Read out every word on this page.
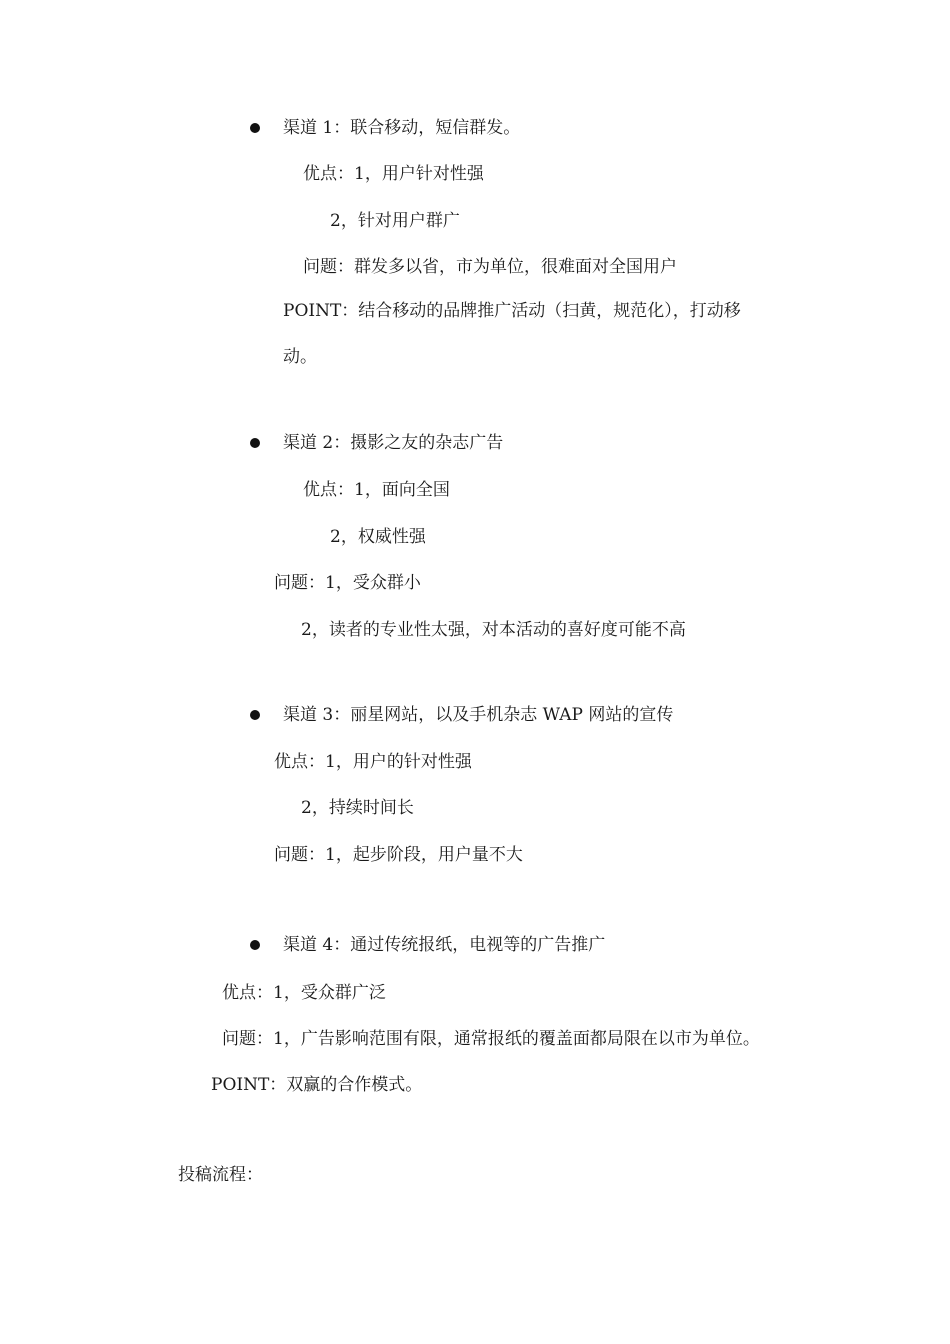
渠道 1：联合移动，短信群发。
优点：1，用户针对性强
2，针对用户群广
问题：群发多以省，市为单位，很难面对全国用户
POINT：结合移动的品牌推广活动（扫黄，规范化），打动移
动。
渠道 2：摄影之友的杂志广告
优点：1，面向全国
2，权威性强
问题：1，受众群小
2，读者的专业性太强，对本活动的喜好度可能不高
渠道 3：丽星网站，以及手机杂志 WAP 网站的宣传
优点：1，用户的针对性强
2，持续时间长
问题：1，起步阶段，用户量不大
渠道 4：通过传统报纸，电视等的广告推广
优点：1，受众群广泛
问题：1，广告影响范围有限，通常报纸的覆盖面都局限在以市为单位。
POINT：双赢的合作模式。
投稿流程：
